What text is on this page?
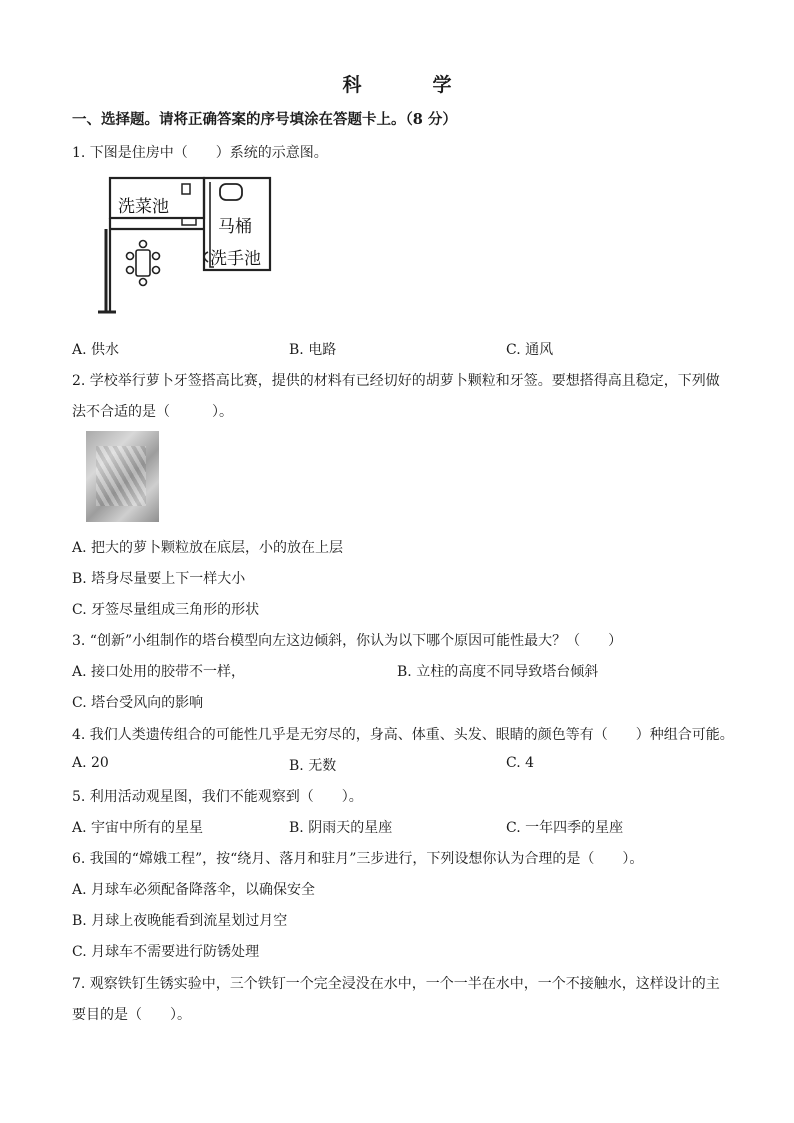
科　学
一、选择题。请将正确答案的序号填涂在答题卡上。（8 分）
1. 下图是住房中（　　）系统的示意图。
洗菜池
马桶
洗手池
A. 供水	B. 电路	C. 通风
2. 学校举行萝卜牙签搭高比赛，提供的材料有已经切好的胡萝卜颗粒和牙签。要想搭得高且稳定，下列做
法不合适的是（　　　）。
A. 把大的萝卜颗粒放在底层，小的放在上层
B. 塔身尽量要上下一样大小
C. 牙签尽量组成三角形的形状
3. “创新”小组制作的塔台模型向左这边倾斜，你认为以下哪个原因可能性最大？（　　）
A. 接口处用的胶带不一样，	B. 立柱的高度不同导致塔台倾斜
C. 塔台受风向的影响
4. 我们人类遗传组合的可能性几乎是无穷尽的，身高、体重、头发、眼睛的颜色等有（　　）种组合可能。
A. 20	B. 无数	C. 4
5. 利用活动观星图，我们不能观察到（　　）。
A. 宇宙中所有的星星	B. 阴雨天的星座	C. 一年四季的星座
6. 我国的“嫦娥工程”，按“绕月、落月和驻月”三步进行，下列设想你认为合理的是（　　）。
A. 月球车必须配备降落伞，以确保安全
B. 月球上夜晚能看到流星划过月空
C. 月球车不需要进行防锈处理
7. 观察铁钉生锈实验中，三个铁钉一个完全浸没在水中，一个一半在水中，一个不接触水，这样设计的主
要目的是（　　）。
